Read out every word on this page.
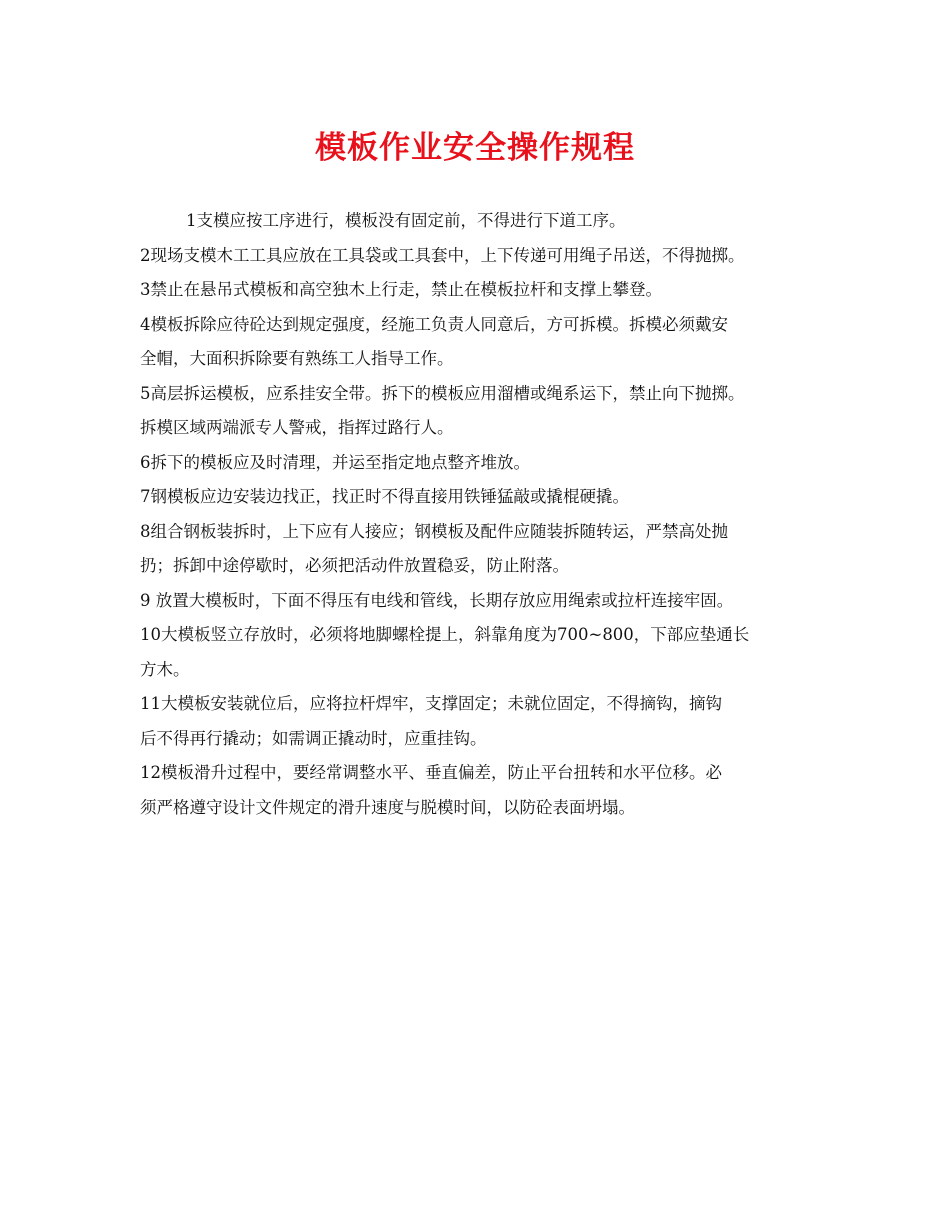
模板作业安全操作规程

1支模应按工序进行，模板没有固定前，不得进行下道工序。

2现场支模木工工具应放在工具袋或工具套中，上下传递可用绳子吊送，不得抛掷。

3禁止在悬吊式模板和高空独木上行走，禁止在模板拉杆和支撑上攀登。

4模板拆除应待砼达到规定强度，经施工负责人同意后，方可拆模。拆模必须戴安

全帽，大面积拆除要有熟练工人指导工作。

5高层拆运模板，应系挂安全带。拆下的模板应用溜槽或绳系运下，禁止向下抛掷。

拆模区域两端派专人警戒，指挥过路行人。

6拆下的模板应及时清理，并运至指定地点整齐堆放。

7钢模板应边安装边找正，找正时不得直接用铁锤猛敲或撬棍硬撬。

8组合钢板装拆时，上下应有人接应；钢模板及配件应随装拆随转运，严禁高处抛

扔；拆卸中途停歇时，必须把活动件放置稳妥，防止附落。

9 放置大模板时，下面不得压有电线和管线，长期存放应用绳索或拉杆连接牢固。

10大模板竖立存放时，必须将地脚螺栓提上，斜靠角度为700~800，下部应垫通长

方木。

11大模板安装就位后，应将拉杆焊牢，支撑固定；未就位固定，不得摘钩，摘钩

后不得再行撬动；如需调正撬动时，应重挂钩。

12模板滑升过程中，要经常调整水平、垂直偏差，防止平台扭转和水平位移。必

须严格遵守设计文件规定的滑升速度与脱模时间，以防砼表面坍塌。
